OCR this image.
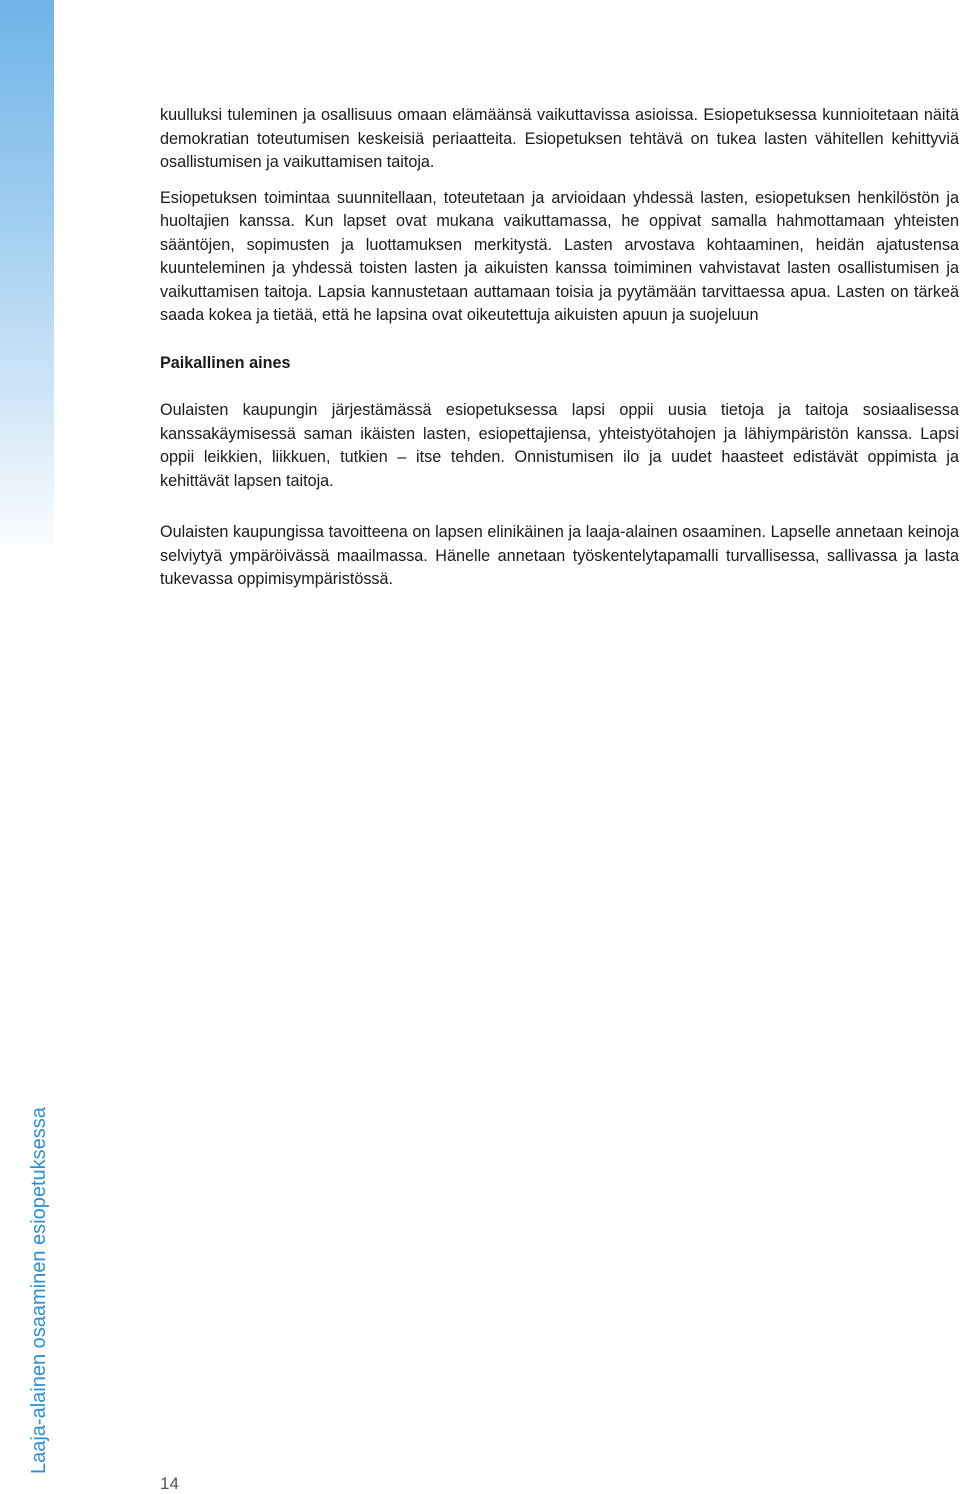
Laaja-alainen osaaminen esiopetuksessa

kuulluksi tuleminen ja osallisuus omaan elämäänsä vaikuttavissa asioissa. Esiopetuksessa kunnioitetaan näitä demokratian toteutumisen keskeisiä periaatteita. Esiopetuksen tehtävä on tukea lasten vähitellen kehittyviä osallistumisen ja vaikuttamisen taitoja.

Esiopetuksen toimintaa suunnitellaan, toteutetaan ja arvioidaan yhdessä lasten, esiopetuksen henkilöstön ja huoltajien kanssa. Kun lapset ovat mukana vaikuttamassa, he oppivat samalla hahmottamaan yhteisten sääntöjen, sopimusten ja luottamuksen merkitystä. Lasten arvostava kohtaaminen, heidän ajatustensa kuunteleminen ja yhdessä toisten lasten ja aikuisten kanssa toimiminen vahvistavat lasten osallistumisen ja vaikuttamisen taitoja. Lapsia kannustetaan auttamaan toisia ja pyytämään tarvittaessa apua. Lasten on tärkeä saada kokea ja tietää, että he lapsina ovat oikeutettuja aikuisten apuun ja suojeluun

Paikallinen aines

Oulaisten kaupungin järjestämässä esiopetuksessa lapsi oppii uusia tietoja ja taitoja sosiaalisessa kanssakäymisessä saman ikäisten lasten, esiopettajiensa, yhteistyötahojen ja lähiympäristön kanssa. Lapsi oppii leikkien, liikkuen, tutkien – itse tehden. Onnistumisen ilo ja uudet haasteet edistävät oppimista ja kehittävät lapsen taitoja.

Oulaisten kaupungissa tavoitteena on lapsen elinikäinen ja laaja-alainen osaaminen. Lapselle annetaan keinoja selviytyä ympäröivässä maailmassa. Hänelle annetaan työskentelytapamalli turvallisessa, sallivassa ja lasta tukevassa oppimisympäristössä.

14
